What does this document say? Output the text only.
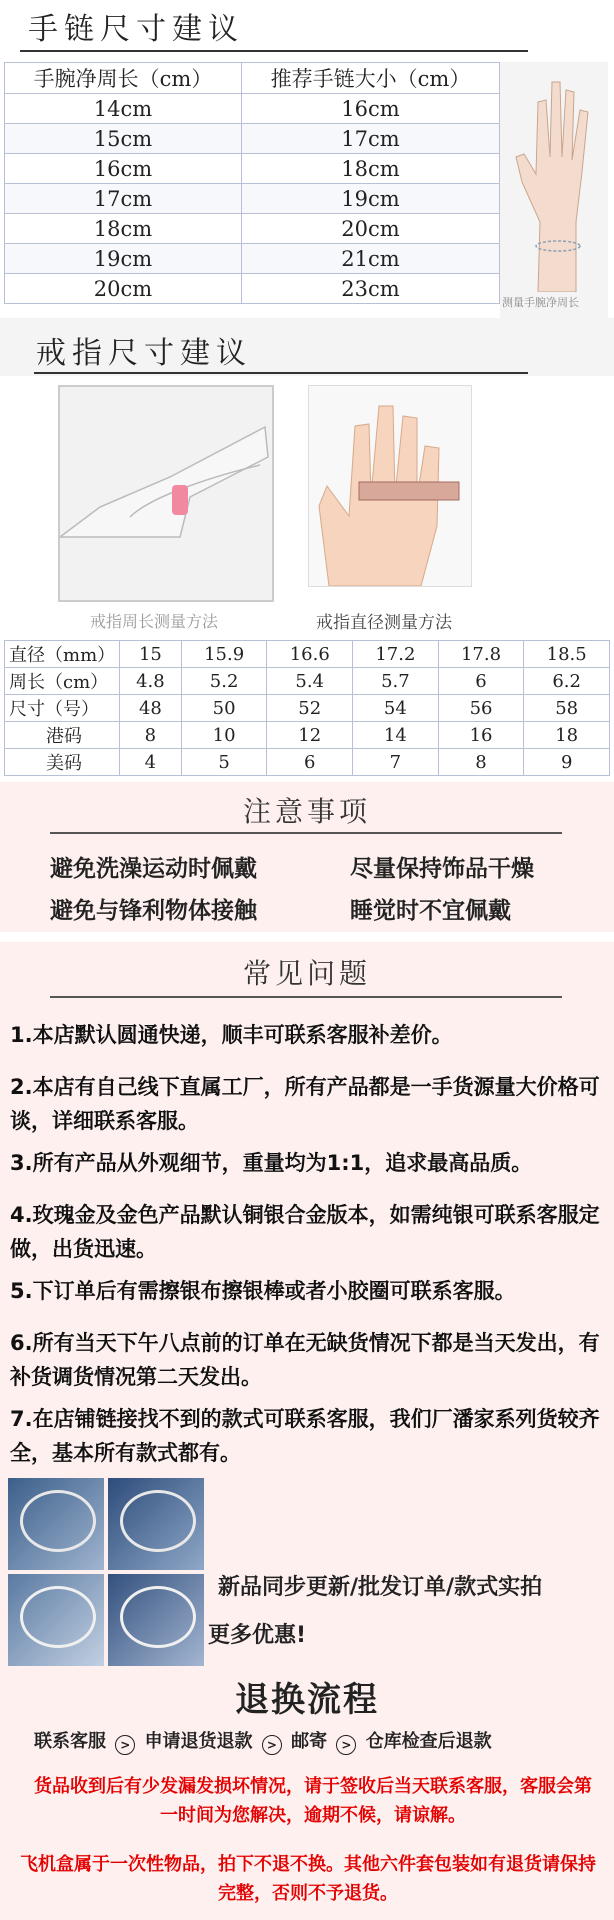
手链尺寸建议
手腕净周长（cm）	推荐手链大小（cm）
14cm	16cm
15cm	17cm
16cm	18cm
17cm	19cm
18cm	20cm
19cm	21cm
20cm	23cm
测量手腕净周长
戒指尺寸建议
戒指周长测量方法	戒指直径测量方法
直径（mm）	15	15.9	16.6	17.2	17.8	18.5
周长（cm）	4.8	5.2	5.4	5.7	6	6.2
尺寸（号）	48	50	52	54	56	58
港码	8	10	12	14	16	18
美码	4	5	6	7	8	9
注意事项
避免洗澡运动时佩戴	尽量保持饰品干燥
避免与锋利物体接触	睡觉时不宜佩戴
常见问题
1.本店默认圆通快递，顺丰可联系客服补差价。
2.本店有自己线下直属工厂，所有产品都是一手货源量大价格可谈，详细联系客服。
3.所有产品从外观细节，重量均为1:1，追求最高品质。
4.玫瑰金及金色产品默认铜银合金版本，如需纯银可联系客服定做，出货迅速。
5.下订单后有需擦银布擦银棒或者小胶圈可联系客服。
6.所有当天下午八点前的订单在无缺货情况下都是当天发出，有补货调货情况第二天发出。
7.在店铺链接找不到的款式可联系客服，我们厂潘家系列货较齐全，基本所有款式都有。
新品同步更新/批发订单/款式实拍
更多优惠!
退换流程
联系客服 > 申请退货退款 > 邮寄 > 仓库检查后退款
货品收到后有少发漏发损坏情况，请于签收后当天联系客服，客服会第一时间为您解决，逾期不候，请谅解。
飞机盒属于一次性物品，拍下不退不换。其他六件套包装如有退货请保持完整，否则不予退货。
